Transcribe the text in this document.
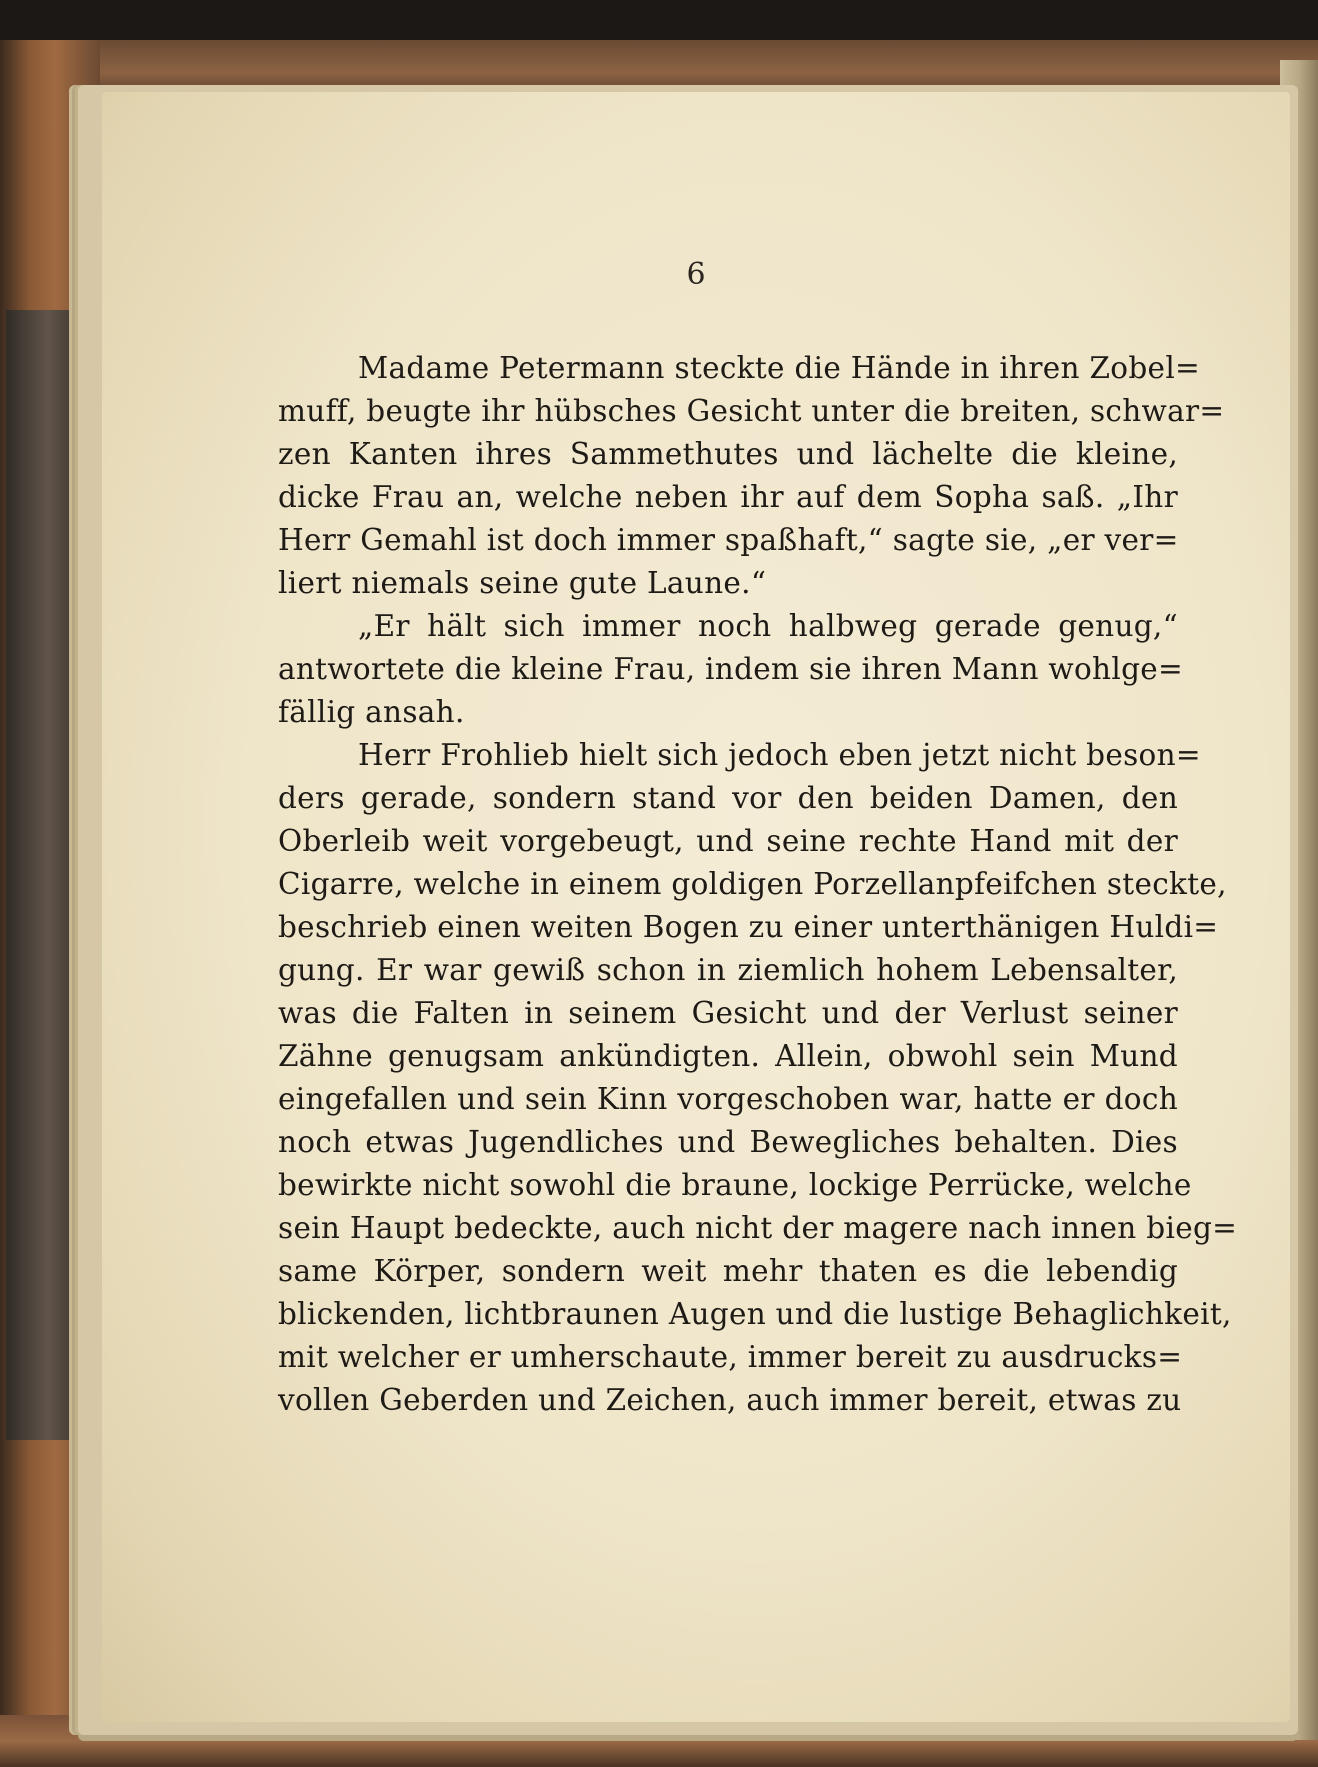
6
Madame Petermann steckte die Hände in ihren Zobel=
muff, beugte ihr hübsches Gesicht unter die breiten, schwar=
zen Kanten ihres Sammethutes und lächelte die kleine,
dicke Frau an, welche neben ihr auf dem Sopha saß. „Ihr
Herr Gemahl ist doch immer spaßhaft,“ sagte sie, „er ver=
liert niemals seine gute Laune.“
„Er hält sich immer noch halbweg gerade genug,“
antwortete die kleine Frau, indem sie ihren Mann wohlge=
fällig ansah.
Herr Frohlieb hielt sich jedoch eben jetzt nicht beson=
ders gerade, sondern stand vor den beiden Damen, den
Oberleib weit vorgebeugt, und seine rechte Hand mit der
Cigarre, welche in einem goldigen Porzellanpfeifchen steckte,
beschrieb einen weiten Bogen zu einer unterthänigen Huldi=
gung. Er war gewiß schon in ziemlich hohem Lebensalter,
was die Falten in seinem Gesicht und der Verlust seiner
Zähne genugsam ankündigten. Allein, obwohl sein Mund
eingefallen und sein Kinn vorgeschoben war, hatte er doch
noch etwas Jugendliches und Bewegliches behalten. Dies
bewirkte nicht sowohl die braune, lockige Perrücke, welche
sein Haupt bedeckte, auch nicht der magere nach innen bieg=
same Körper, sondern weit mehr thaten es die lebendig
blickenden, lichtbraunen Augen und die lustige Behaglichkeit,
mit welcher er umherschaute, immer bereit zu ausdrucks=
vollen Geberden und Zeichen, auch immer bereit, etwas zu
